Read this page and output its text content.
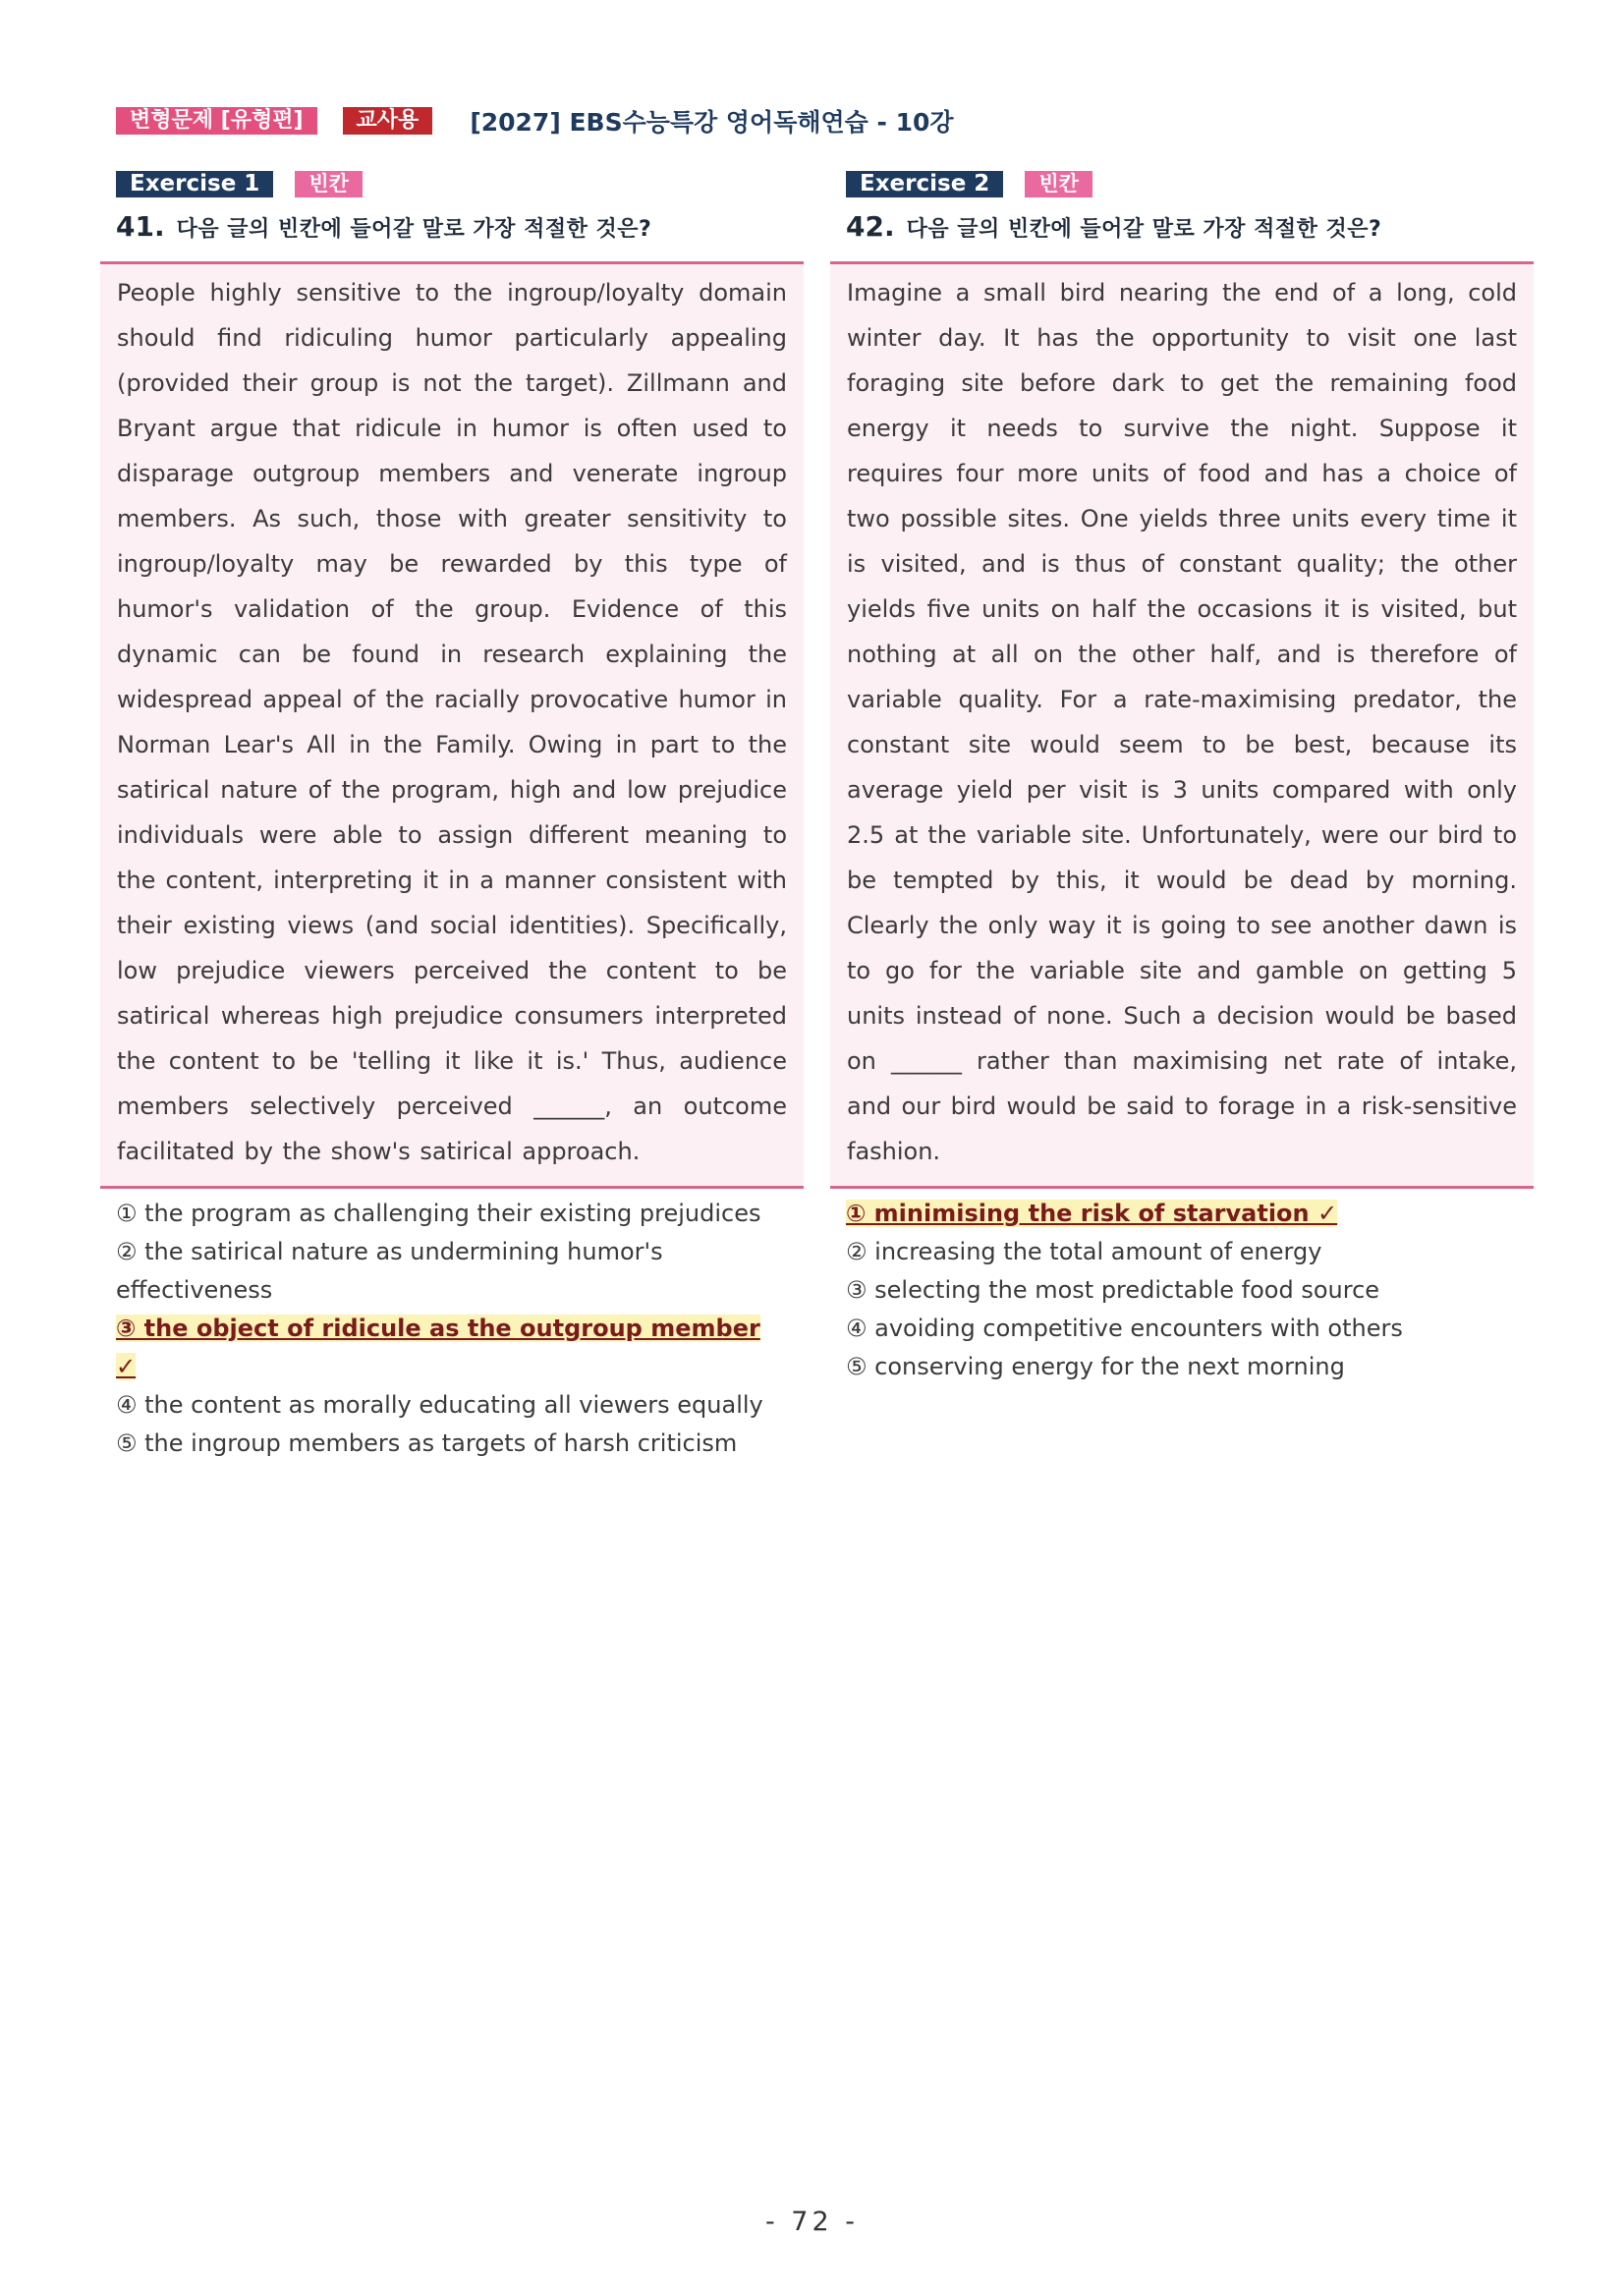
변형문제 [유형편]	교사용	[2027] EBS수능특강 영어독해연습 - 10강
Exercise 1	빈칸
41. 다음 글의 빈칸에 들어갈 말로 가장 적절한 것은?
People highly sensitive to the ingroup/loyalty domain should find ridiculing humor particularly appealing (provided their group is not the target). Zillmann and Bryant argue that ridicule in humor is often used to disparage outgroup members and venerate ingroup members. As such, those with greater sensitivity to ingroup/loyalty may be rewarded by this type of humor's validation of the group. Evidence of this dynamic can be found in research explaining the widespread appeal of the racially provocative humor in Norman Lear's All in the Family. Owing in part to the satirical nature of the program, high and low prejudice individuals were able to assign different meaning to the content, interpreting it in a manner consistent with their existing views (and social identities). Specifically, low prejudice viewers perceived the content to be satirical whereas high prejudice consumers interpreted the content to be 'telling it like it is.' Thus, audience members selectively perceived ______, an outcome facilitated by the show's satirical approach.
① the program as challenging their existing prejudices
② the satirical nature as undermining humor's effectiveness
③ the object of ridicule as the outgroup member ✓
④ the content as morally educating all viewers equally
⑤ the ingroup members as targets of harsh criticism
Exercise 2	빈칸
42. 다음 글의 빈칸에 들어갈 말로 가장 적절한 것은?
Imagine a small bird nearing the end of a long, cold winter day. It has the opportunity to visit one last foraging site before dark to get the remaining food energy it needs to survive the night. Suppose it requires four more units of food and has a choice of two possible sites. One yields three units every time it is visited, and is thus of constant quality; the other yields five units on half the occasions it is visited, but nothing at all on the other half, and is therefore of variable quality. For a rate-maximising predator, the constant site would seem to be best, because its average yield per visit is 3 units compared with only 2.5 at the variable site. Unfortunately, were our bird to be tempted by this, it would be dead by morning. Clearly the only way it is going to see another dawn is to go for the variable site and gamble on getting 5 units instead of none. Such a decision would be based on ______ rather than maximising net rate of intake, and our bird would be said to forage in a risk-sensitive fashion.
① minimising the risk of starvation ✓
② increasing the total amount of energy
③ selecting the most predictable food source
④ avoiding competitive encounters with others
⑤ conserving energy for the next morning
- 72 -
